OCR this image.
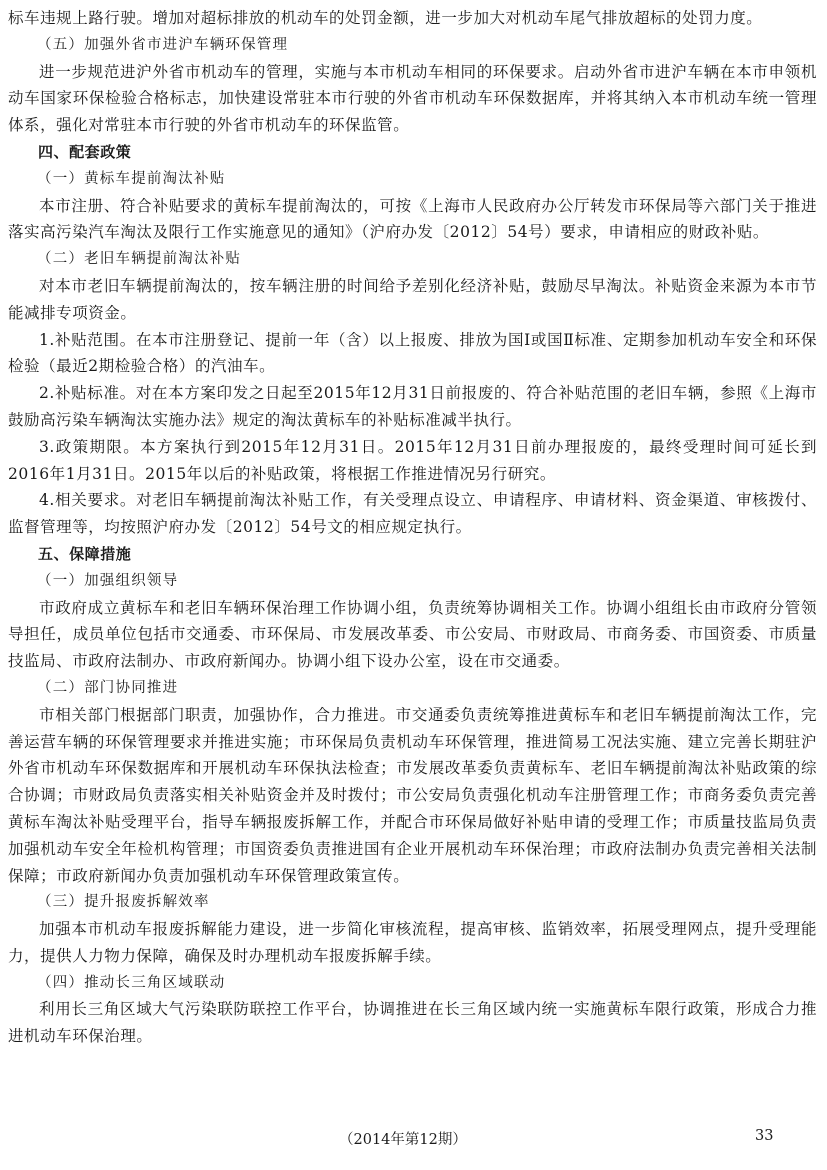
标车违规上路行驶。增加对超标排放的机动车的处罚金额，进一步加大对机动车尾气排放超标的处罚力度。
（五）加强外省市进沪车辆环保管理
进一步规范进沪外省市机动车的管理，实施与本市机动车相同的环保要求。启动外省市进沪车辆在本市申领机动车国家环保检验合格标志，加快建设常驻本市行驶的外省市机动车环保数据库，并将其纳入本市机动车统一管理体系，强化对常驻本市行驶的外省市机动车的环保监管。
四、配套政策
（一）黄标车提前淘汰补贴
本市注册、符合补贴要求的黄标车提前淘汰的，可按《上海市人民政府办公厅转发市环保局等六部门关于推进落实高污染汽车淘汰及限行工作实施意见的通知》（沪府办发〔2012〕54号）要求，申请相应的财政补贴。
（二）老旧车辆提前淘汰补贴
对本市老旧车辆提前淘汰的，按车辆注册的时间给予差别化经济补贴，鼓励尽早淘汰。补贴资金来源为本市节能减排专项资金。
1.补贴范围。在本市注册登记、提前一年（含）以上报废、排放为国Ⅰ或国Ⅱ标准、定期参加机动车安全和环保检验（最近2期检验合格）的汽油车。
2.补贴标准。对在本方案印发之日起至2015年12月31日前报废的、符合补贴范围的老旧车辆，参照《上海市鼓励高污染车辆淘汰实施办法》规定的淘汰黄标车的补贴标准减半执行。
3.政策期限。本方案执行到2015年12月31日。2015年12月31日前办理报废的，最终受理时间可延长到2016年1月31日。2015年以后的补贴政策，将根据工作推进情况另行研究。
4.相关要求。对老旧车辆提前淘汰补贴工作，有关受理点设立、申请程序、申请材料、资金渠道、审核拨付、监督管理等，均按照沪府办发〔2012〕54号文的相应规定执行。
五、保障措施
（一）加强组织领导
市政府成立黄标车和老旧车辆环保治理工作协调小组，负责统筹协调相关工作。协调小组组长由市政府分管领导担任，成员单位包括市交通委、市环保局、市发展改革委、市公安局、市财政局、市商务委、市国资委、市质量技监局、市政府法制办、市政府新闻办。协调小组下设办公室，设在市交通委。
（二）部门协同推进
市相关部门根据部门职责，加强协作，合力推进。市交通委负责统筹推进黄标车和老旧车辆提前淘汰工作，完善运营车辆的环保管理要求并推进实施；市环保局负责机动车环保管理，推进简易工况法实施、建立完善长期驻沪外省市机动车环保数据库和开展机动车环保执法检查；市发展改革委负责黄标车、老旧车辆提前淘汰补贴政策的综合协调；市财政局负责落实相关补贴资金并及时拨付；市公安局负责强化机动车注册管理工作；市商务委负责完善黄标车淘汰补贴受理平台，指导车辆报废拆解工作，并配合市环保局做好补贴申请的受理工作；市质量技监局负责加强机动车安全年检机构管理；市国资委负责推进国有企业开展机动车环保治理；市政府法制办负责完善相关法制保障；市政府新闻办负责加强机动车环保管理政策宣传。
（三）提升报废拆解效率
加强本市机动车报废拆解能力建设，进一步简化审核流程，提高审核、监销效率，拓展受理网点，提升受理能力，提供人力物力保障，确保及时办理机动车报废拆解手续。
（四）推动长三角区域联动
利用长三角区域大气污染联防联控工作平台，协调推进在长三角区域内统一实施黄标车限行政策，形成合力推进机动车环保治理。
（2014年第12期）	33
